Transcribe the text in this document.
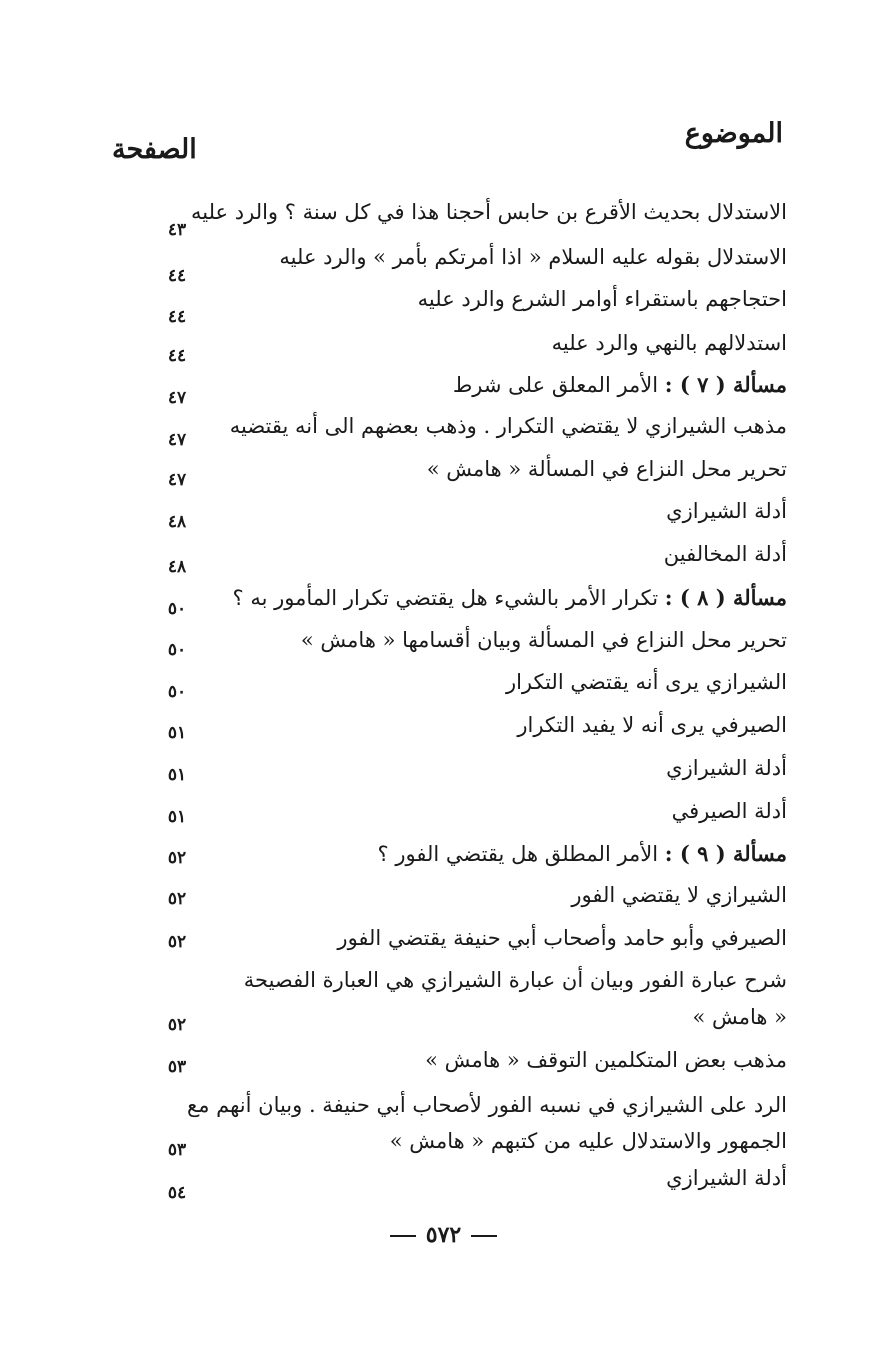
الموضوع
الصفحة
الاستدلال بحديث الأقرع بن حابس أحجنا هذا في كل سنة ؟ والرد عليه
٤٣
الاستدلال بقوله عليه السلام « اذا أمرتكم بأمر » والرد عليه
٤٤
احتجاجهم باستقراء أوامر الشرع والرد عليه
٤٤
استدلالهم بالنهي والرد عليه
٤٤
مسألة ( ٧ ) : الأمر المعلق على شرط
٤٧
مذهب الشيرازي لا يقتضي التكرار . وذهب بعضهم الى أنه يقتضيه
٤٧
تحرير محل النزاع في المسألة « هامش »
٤٧
أدلة الشيرازي
٤٨
أدلة المخالفين
٤٨
مسألة ( ٨ ) : تكرار الأمر بالشيء هل يقتضي تكرار المأمور به ؟
٥٠
تحرير محل النزاع في المسألة وبيان أقسامها « هامش »
٥٠
الشيرازي يرى أنه يقتضي التكرار
٥٠
الصيرفي يرى أنه لا يفيد التكرار
٥١
أدلة الشيرازي
٥١
أدلة الصيرفي
٥١
مسألة ( ٩ ) : الأمر المطلق هل يقتضي الفور ؟
٥٢
الشيرازي لا يقتضي الفور
٥٢
الصيرفي وأبو حامد وأصحاب أبي حنيفة يقتضي الفور
٥٢
شرح عبارة الفور وبيان أن عبارة الشيرازي هي العبارة الفصيحة
« هامش »
٥٢
مذهب بعض المتكلمين التوقف « هامش »
٥٣
الرد على الشيرازي في نسبه الفور لأصحاب أبي حنيفة . وبيان أنهم مع
الجمهور والاستدلال عليه من كتبهم « هامش »
٥٣
أدلة الشيرازي
٥٤
٥٧٢
